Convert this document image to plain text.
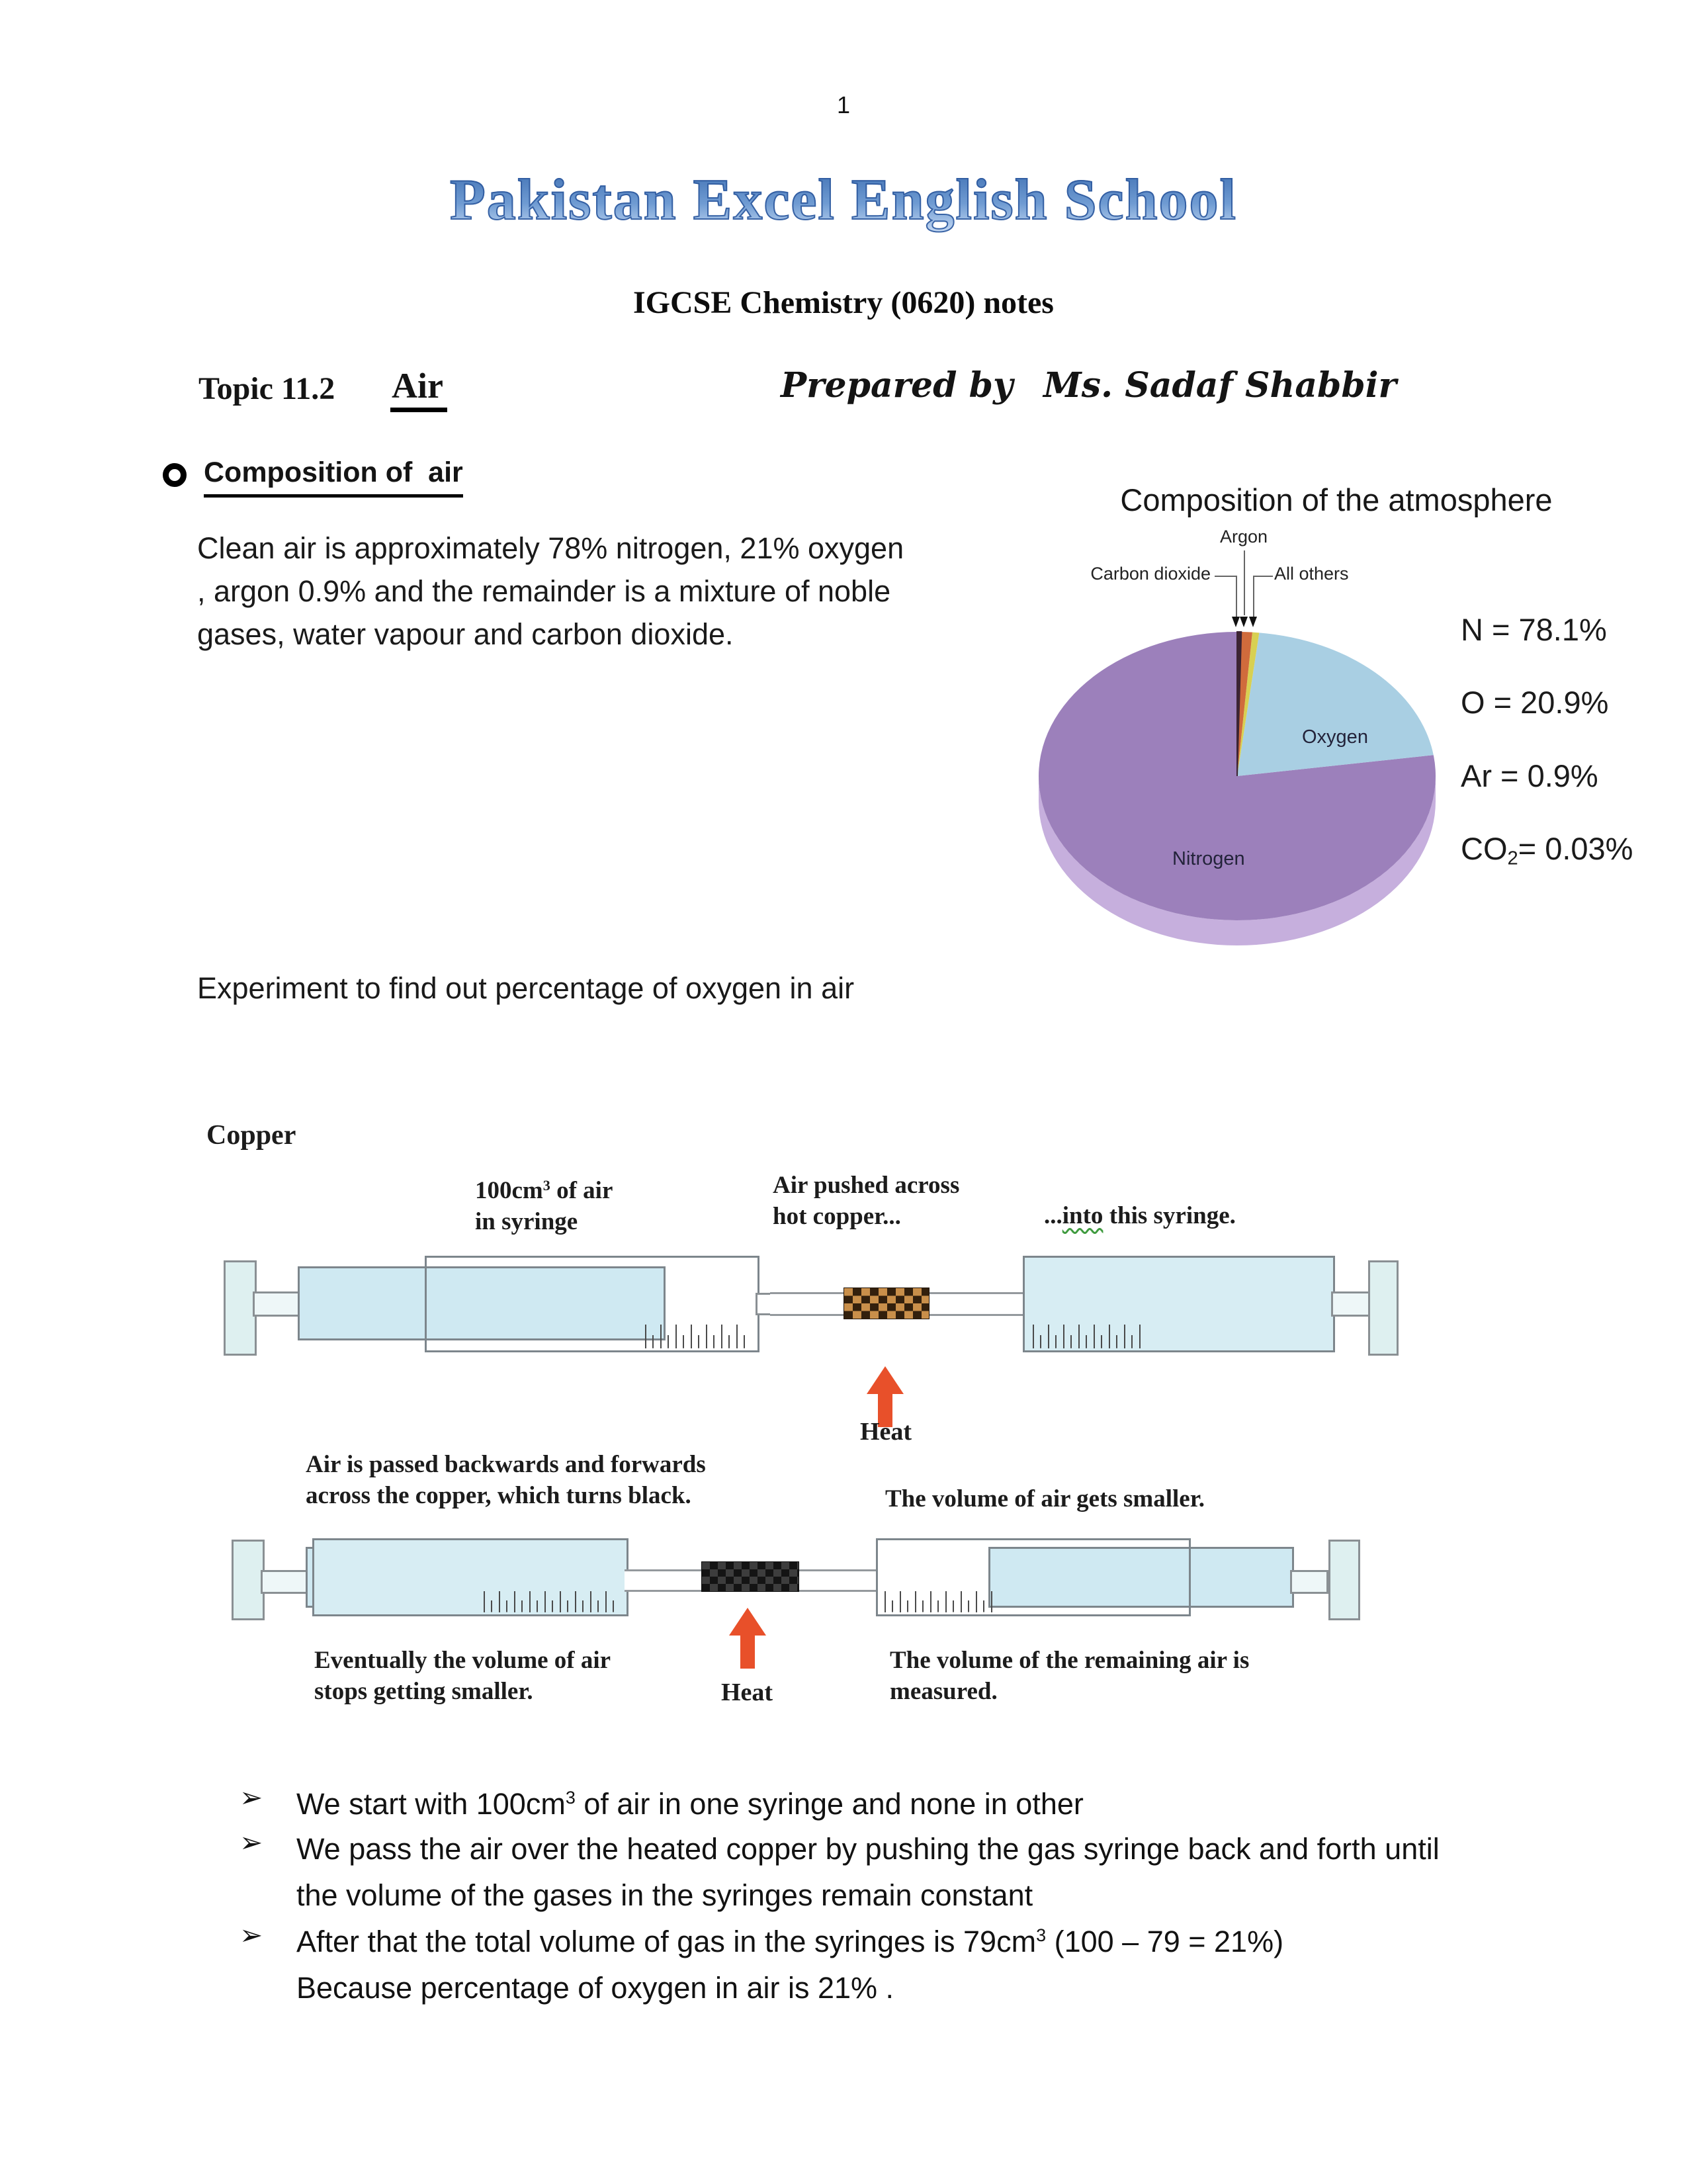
1
Pakistan Excel English School
IGCSE Chemistry (0620) notes
Topic 11.2 Air	Prepared by Ms. Sadaf Shabbir
Composition of  air
Clean air is approximately 78% nitrogen, 21% oxygen
, argon 0.9% and the remainder is a mixture of noble
gases, water vapour and carbon dioxide.
Experiment to find out percentage of oxygen in air
Composition of the atmosphere
Argon
Carbon dioxide	All others
Oxygen
Nitrogen
N = 78.1%
O = 20.9%
Ar = 0.9%
$CO_2= 0.03\%$
Copper
$100cm^3$ of air
in syringe
Air pushed across
hot copper...	...into this syringe.
Heat
Air is passed backwards and forwards
across the copper, which turns black.	The volume of air gets smaller.
Heat
Eventually the volume of air
stops getting smaller.
The volume of the remaining air is
measured.
➢	We start with $100cm^3$ of air in one syringe and none in other
➢	We pass the air over the heated copper by pushing the gas syringe back and forth until
the volume of the gases in the syringes remain constant
➢	After that the total volume of gas in the syringes is $79cm^3$ (100 – 79 = 21%)
Because percentage of oxygen in air is 21% .
